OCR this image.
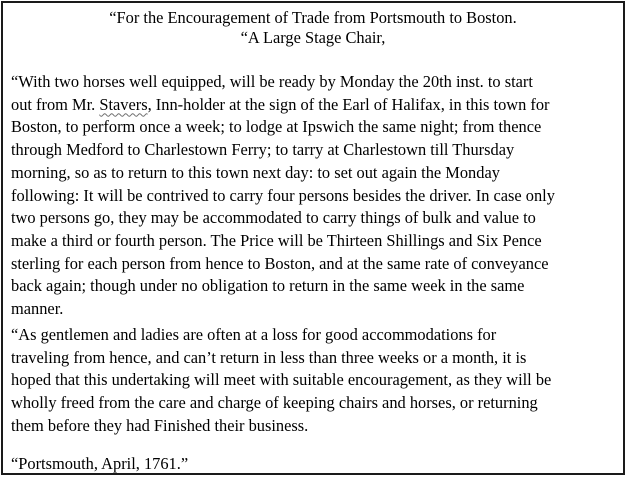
“For the Encouragement of Trade from Portsmouth to Boston.
“A Large Stage Chair,
“With two horses well equipped, will be ready by Monday the 20th inst. to start
out from Mr. Stavers, Inn-holder at the sign of the Earl of Halifax, in this town for
Boston, to perform once a week; to lodge at Ipswich the same night; from thence
through Medford to Charlestown Ferry; to tarry at Charlestown till Thursday
morning, so as to return to this town next day: to set out again the Monday
following: It will be contrived to carry four persons besides the driver. In case only
two persons go, they may be accommodated to carry things of bulk and value to
make a third or fourth person. The Price will be Thirteen Shillings and Six Pence
sterling for each person from hence to Boston, and at the same rate of conveyance
back again; though under no obligation to return in the same week in the same
manner.
“As gentlemen and ladies are often at a loss for good accommodations for
traveling from hence, and can’t return in less than three weeks or a month, it is
hoped that this undertaking will meet with suitable encouragement, as they will be
wholly freed from the care and charge of keeping chairs and horses, or returning
them before they had Finished their business.
“Portsmouth, April, 1761.”
